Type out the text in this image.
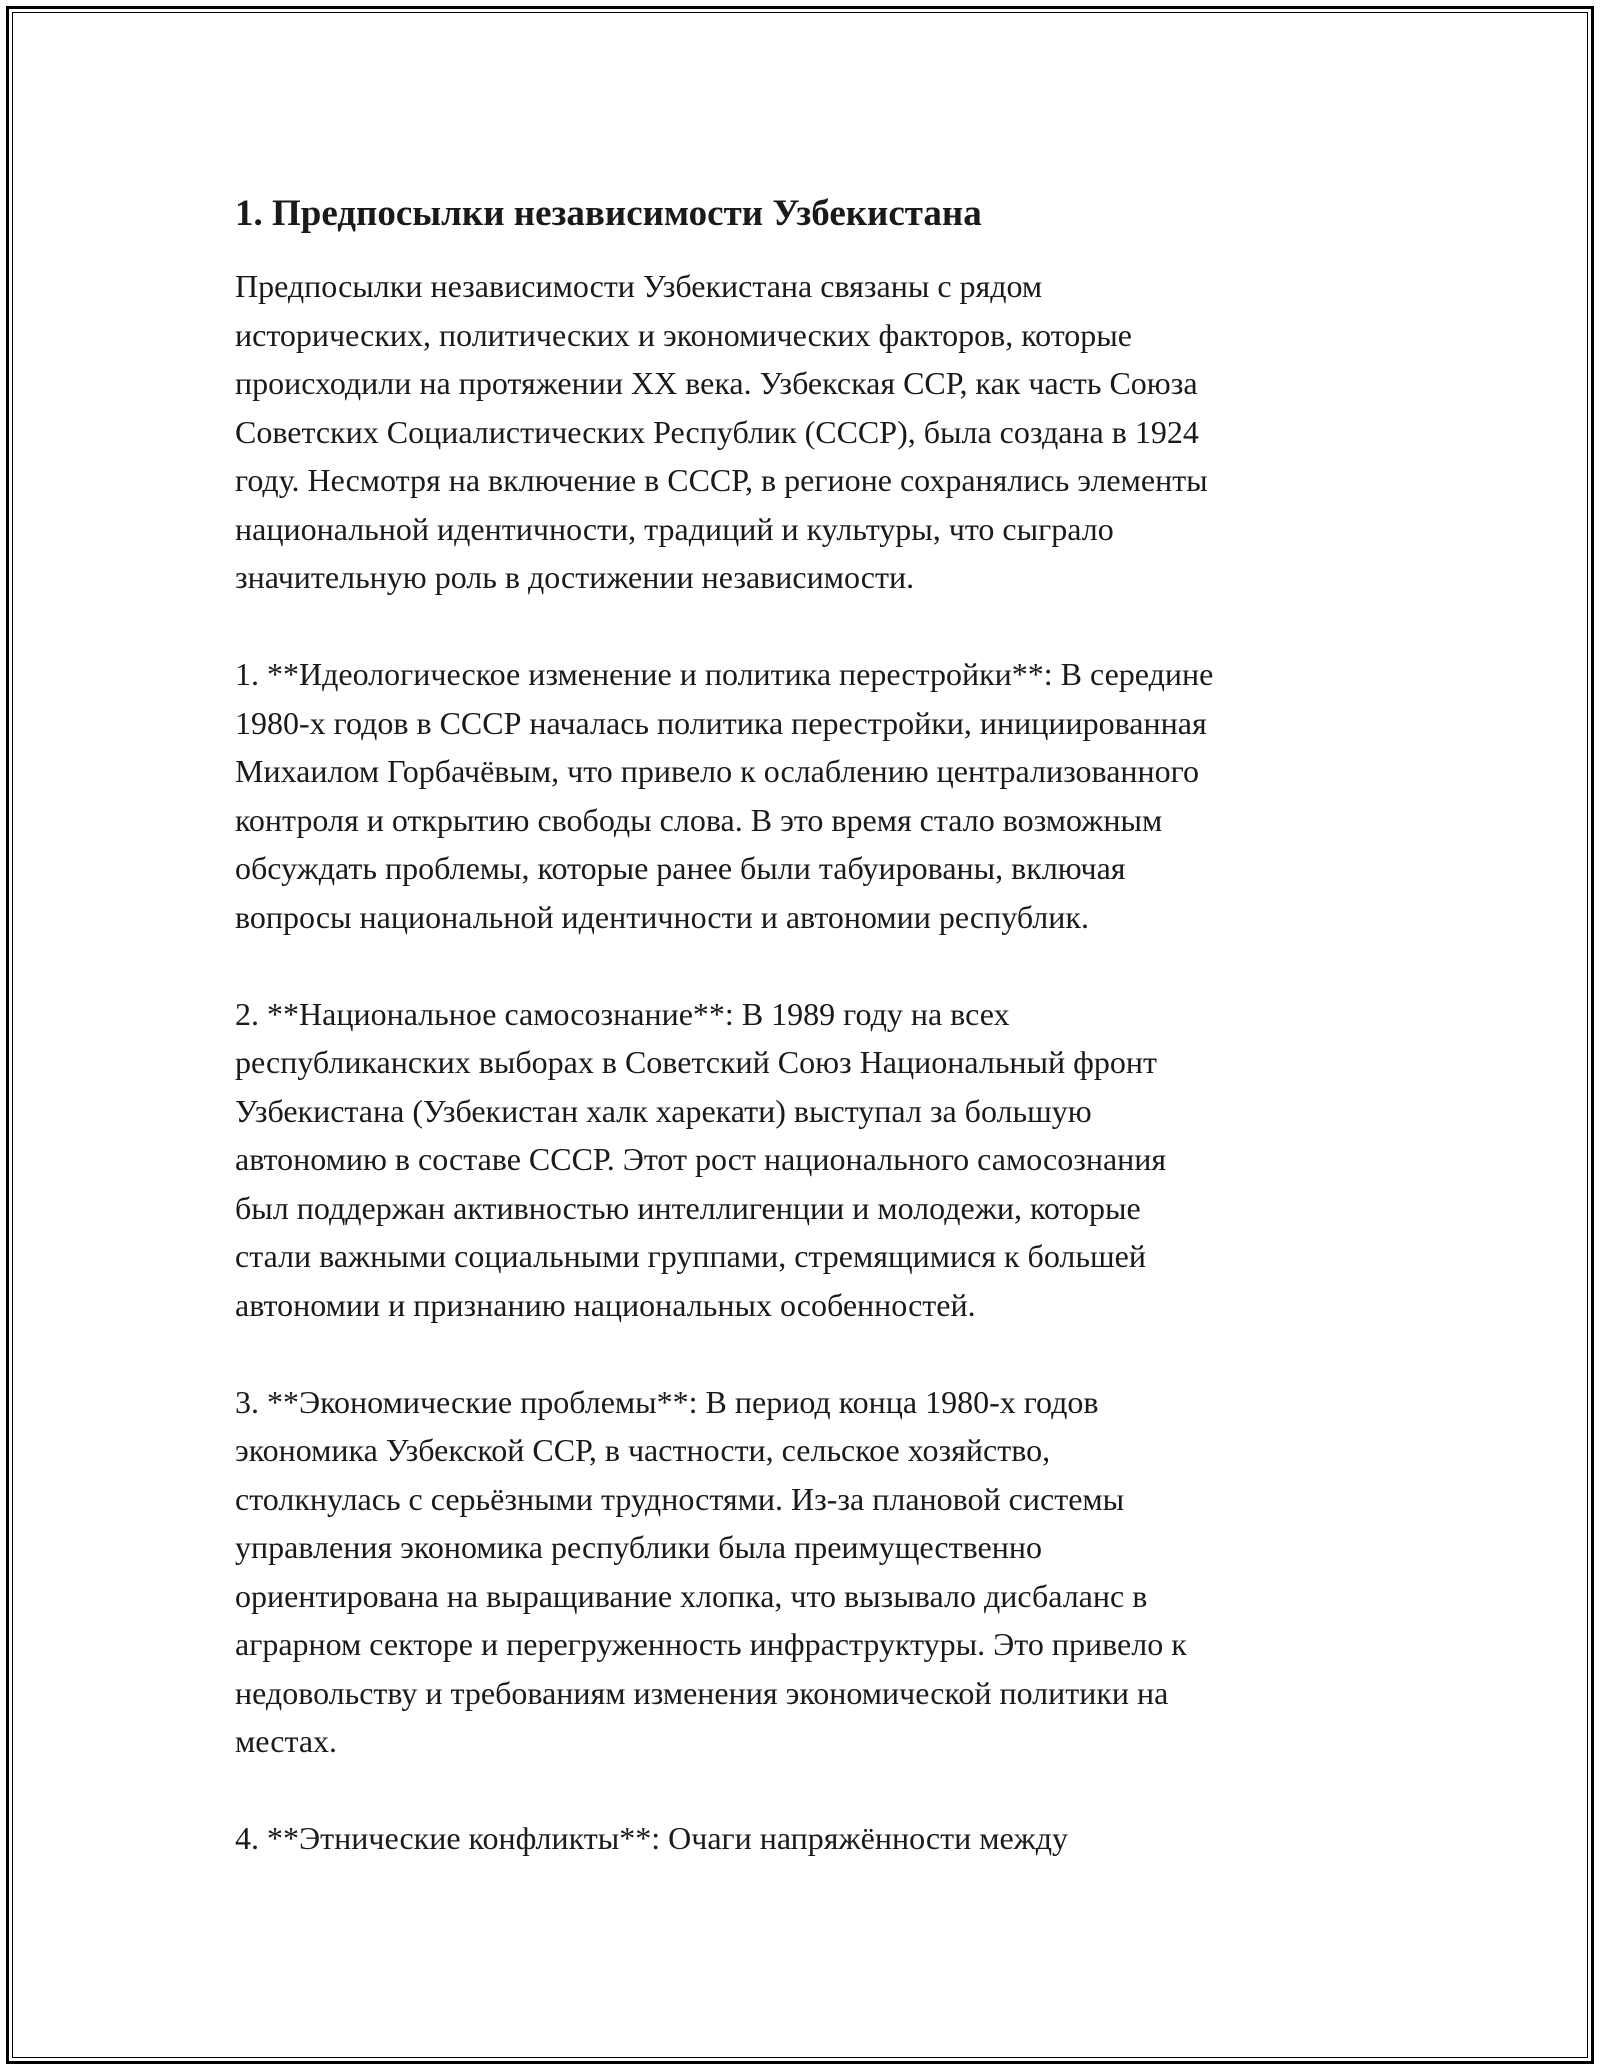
1. Предпосылки независимости Узбекистана

Предпосылки независимости Узбекистана связаны с рядом
исторических, политических и экономических факторов, которые
происходили на протяжении XX века. Узбекская ССР, как часть Союза
Советских Социалистических Республик (СССР), была создана в 1924
году. Несмотря на включение в СССР, в регионе сохранялись элементы
национальной идентичности, традиций и культуры, что сыграло
значительную роль в достижении независимости.

1. **Идеологическое изменение и политика перестройки**: В середине
1980-х годов в СССР началась политика перестройки, инициированная
Михаилом Горбачёвым, что привело к ослаблению централизованного
контроля и открытию свободы слова. В это время стало возможным
обсуждать проблемы, которые ранее были табуированы, включая
вопросы национальной идентичности и автономии республик.

2. **Национальное самосознание**: В 1989 году на всех
республиканских выборах в Советский Союз Национальный фронт
Узбекистана (Узбекистан халк харекати) выступал за большую
автономию в составе СССР. Этот рост национального самосознания
был поддержан активностью интеллигенции и молодежи, которые
стали важными социальными группами, стремящимися к большей
автономии и признанию национальных особенностей.

3. **Экономические проблемы**: В период конца 1980-х годов
экономика Узбекской ССР, в частности, сельское хозяйство,
столкнулась с серьёзными трудностями. Из-за плановой системы
управления экономика республики была преимущественно
ориентирована на выращивание хлопка, что вызывало дисбаланс в
аграрном секторе и перегруженность инфраструктуры. Это привело к
недовольству и требованиям изменения экономической политики на
местах.

4. **Этнические конфликты**: Очаги напряжённости между
